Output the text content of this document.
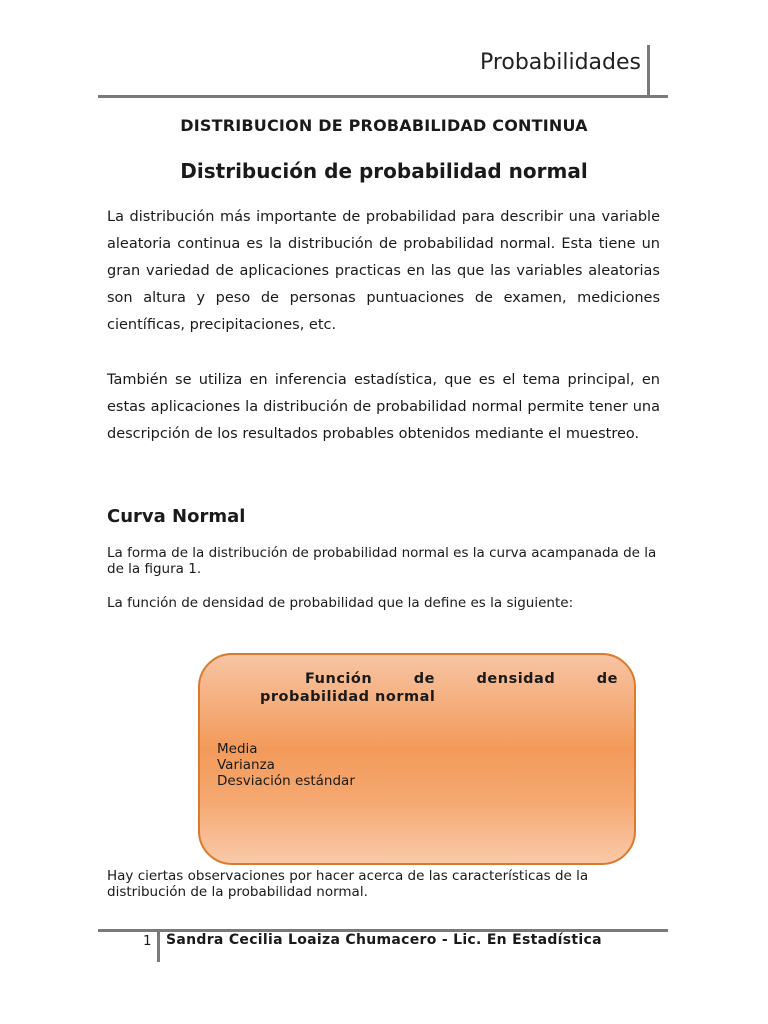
Probabilidades
DISTRIBUCION DE PROBABILIDAD CONTINUA
Distribución de probabilidad normal
La distribución más importante de probabilidad para describir una variable aleatoria continua es la distribución de probabilidad normal. Esta tiene un gran variedad de aplicaciones practicas en las que las variables aleatorias son altura y peso de personas puntuaciones de examen, mediciones científicas, precipitaciones, etc.
También se utiliza en inferencia estadística, que es el tema principal, en estas aplicaciones la distribución de probabilidad normal permite tener una descripción de los resultados probables obtenidos mediante el muestreo.
Curva Normal
La forma de la distribución de probabilidad normal es la curva acampanada de la de la figura 1.
La función de densidad de probabilidad que la define es la siguiente:
Función de densidad de
probabilidad normal
Media
Varianza
Desviación estándar
Hay ciertas observaciones por hacer acerca de las características de la distribución de la probabilidad normal.
1 Sandra Cecilia Loaiza Chumacero - Lic. En Estadística
